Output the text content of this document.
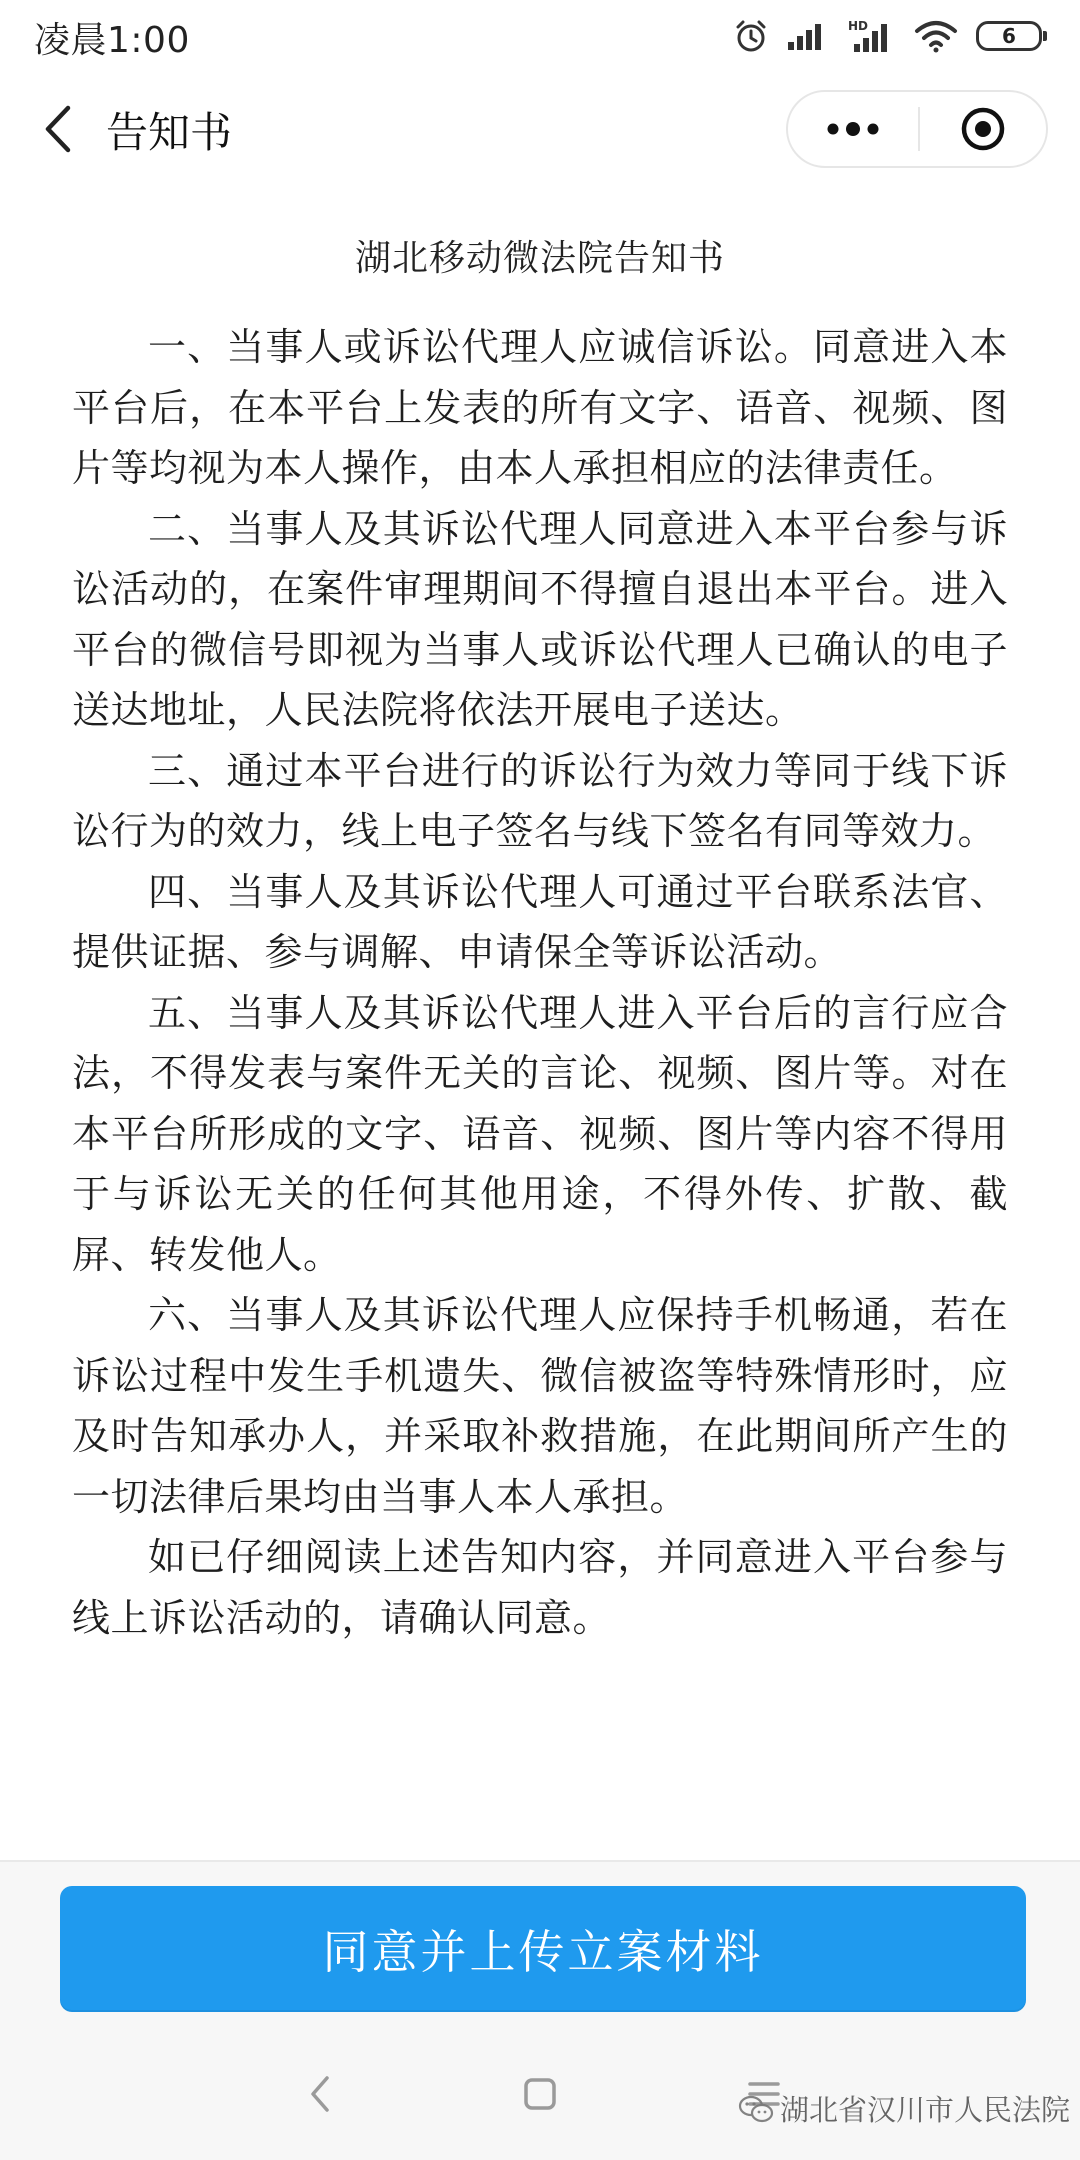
凌晨1:00	HD	6
告知书
湖北移动微法院告知书

一、当事人或诉讼代理人应诚信诉讼。同意进入本平台后，在本平台上发表的所有文字、语音、视频、图片等均视为本人操作，由本人承担相应的法律责任。

二、当事人及其诉讼代理人同意进入本平台参与诉讼活动的，在案件审理期间不得擅自退出本平台。进入平台的微信号即视为当事人或诉讼代理人已确认的电子送达地址，人民法院将依法开展电子送达。

三、通过本平台进行的诉讼行为效力等同于线下诉讼行为的效力，线上电子签名与线下签名有同等效力。

四、当事人及其诉讼代理人可通过平台联系法官、提供证据、参与调解、申请保全等诉讼活动。

五、当事人及其诉讼代理人进入平台后的言行应合法，不得发表与案件无关的言论、视频、图片等。对在本平台所形成的文字、语音、视频、图片等内容不得用于与诉讼无关的任何其他用途，不得外传、扩散、截屏、转发他人。

六、当事人及其诉讼代理人应保持手机畅通，若在诉讼过程中发生手机遗失、微信被盗等特殊情形时，应及时告知承办人，并采取补救措施，在此期间所产生的一切法律后果均由当事人本人承担。

如已仔细阅读上述告知内容，并同意进入平台参与线上诉讼活动的，请确认同意。

同意并上传立案材料
湖北省汉川市人民法院
